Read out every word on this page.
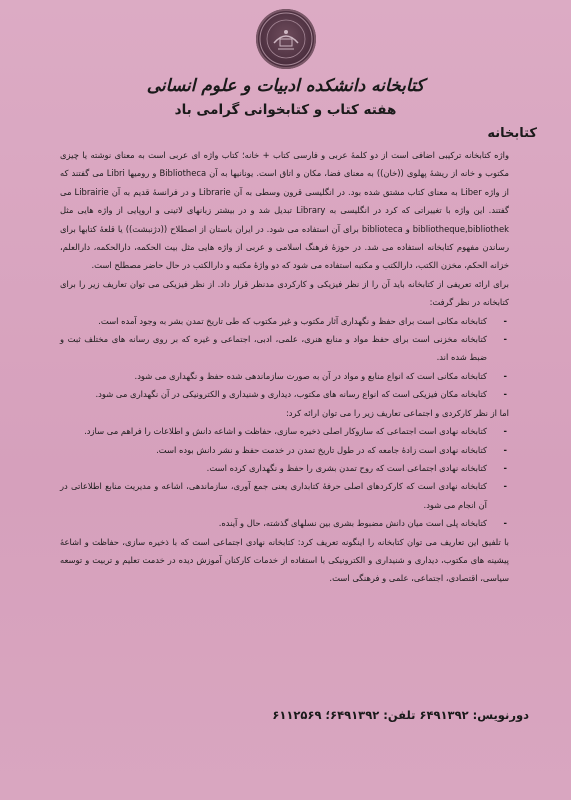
کتابخانه دانشکده ادبیات و علوم انسانی
هفته کتاب و کتابخوانی گرامی باد
کتابخانه

واژه کتابخانه ترکیبی اضافی است از دو کلمهٔ عربی و فارسی کتاب + خانه؛ کتاب واژه ای عربی است به معنای نوشته یا چیزی مکتوب و خانه از ریشهٔ پهلوی ((خان)) به معنای فضا، مکان و اتاق است. یونانیها به آن Bibliotheca و رومیها Libri می گفتند که از واژه Liber به معنای کتاب مشتق شده بود. در انگلیسی قرون وسطی به آن Librarie و در فرانسهٔ قدیم به آن Librairie می گفتند. این واژه با تغییراتی که کرد در انگلیسی به Library تبدیل شد و در بیشتر زبانهای لاتینی و اروپایی از واژه هایی مثل bibliotheque,bibliothek و biblioteca برای آن استفاده می شود. در ایران باستان از اصطلاح ((دژنبشت)) یا قلعهٔ کتابها برای رساندن مفهوم کتابخانه استفاده می شد. در حوزهٔ فرهنگ اسلامی و عربی از واژه هایی مثل بیت الحکمه، دارالحکمه، دارالعلم، خزانه الحکم، مخزن الکتب، دارالکتب و مکتبه استفاده می شود که دو واژهٔ مکتبه و دارالکتب در حال حاضر مصطلح است.

برای ارائه تعریفی از کتابخانه باید آن را از نظر فیزیکی و کارکردی مدنظر قرار داد. از نظر فیزیکی می توان تعاریف زیر را برای کتابخانه در نظر گرفت:

- کتابخانه مکانی است برای حفظ و نگهداری آثار مکتوب و غیر مکتوب که طی تاریخ تمدن بشر به وجود آمده است.
- کتابخانه مخزنی است برای حفظ مواد و منابع هنری، علمی، ادبی، اجتماعی و غیره که بر روی رسانه های مختلف ثبت و ضبط شده اند.
- کتابخانه مکانی است که انواع منابع و مواد در آن به صورت سازماندهی شده حفظ و نگهداری می شود.
- کتابخانه مکان فیزیکی است که انواع رسانه های مکتوب، دیداری و شنیداری و الکترونیکی در آن نگهداری می شود.

اما از نظر کارکردی و اجتماعی تعاریف زیر را می توان ارائه کرد:

- کتابخانه نهادی است اجتماعی که سازوکار اصلی ذخیره سازی، حفاظت و اشاعه دانش و اطلاعات را فراهم می سازد.
- کتابخانه نهادی است زادهٔ جامعه که در طول تاریخ تمدن در خدمت حفظ و نشر دانش بوده است.
- کتابخانه نهادی اجتماعی است که روح تمدن بشری را حفظ و نگهداری کرده است.
- کتابخانه نهادی است که کارکردهای اصلی حرفهٔ کتابداری یعنی جمع آوری، سازماندهی، اشاعه و مدیریت منابع اطلاعاتی در آن انجام می شود.
- کتابخانه پلی است میان دانش مضبوط بشری بین نسلهای گذشته، حال و آینده.

با تلفیق این تعاریف می توان کتابخانه را اینگونه تعریف کرد: کتابخانه نهادی اجتماعی است که با ذخیره سازی، حفاظت و اشاعهٔ پیشینه های مکتوب، دیداری و شنیداری و الکترونیکی با استفاده از خدمات کارکنان آموزش دیده در خدمت تعلیم و تربیت و توسعه سیاسی، اقتصادی، اجتماعی، علمی و فرهنگی است.

دورنویس: ۶۴۹۱۳۹۲ تلفن: ۶۴۹۱۳۹۲؛ ۶۱۱۲۵۶۹
